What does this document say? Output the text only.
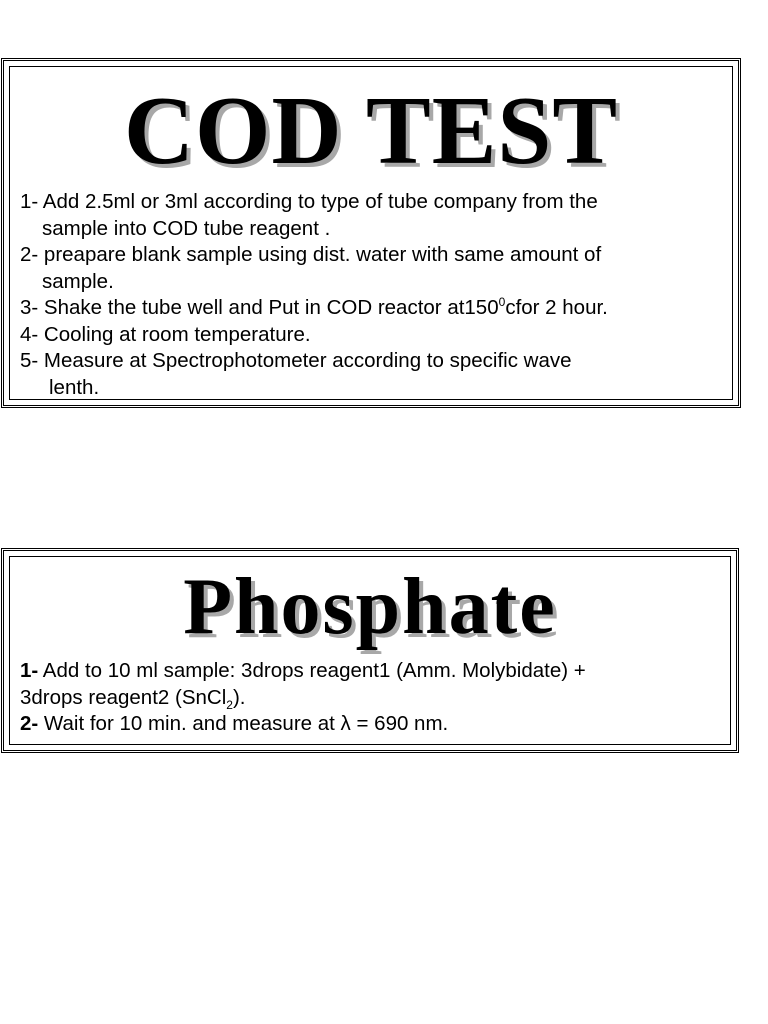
COD TEST
1- Add 2.5ml or 3ml according to type of tube company from the
sample into COD tube reagent .
2- preapare blank sample using dist. water with same amount of
sample.
3- Shake the tube well and Put in COD reactor $at150^0cfor$ 2 hour.
4- Cooling at room temperature.
5- Measure at Spectrophotometer according to specific wave
lenth.
Phosphate
1- Add to 10 ml sample: 3drops reagent1 (Amm. Molybidate) +
3drops reagent2 (SnCl$_2$).
2- Wait for 10 min. and measure at λ = 690 nm.
